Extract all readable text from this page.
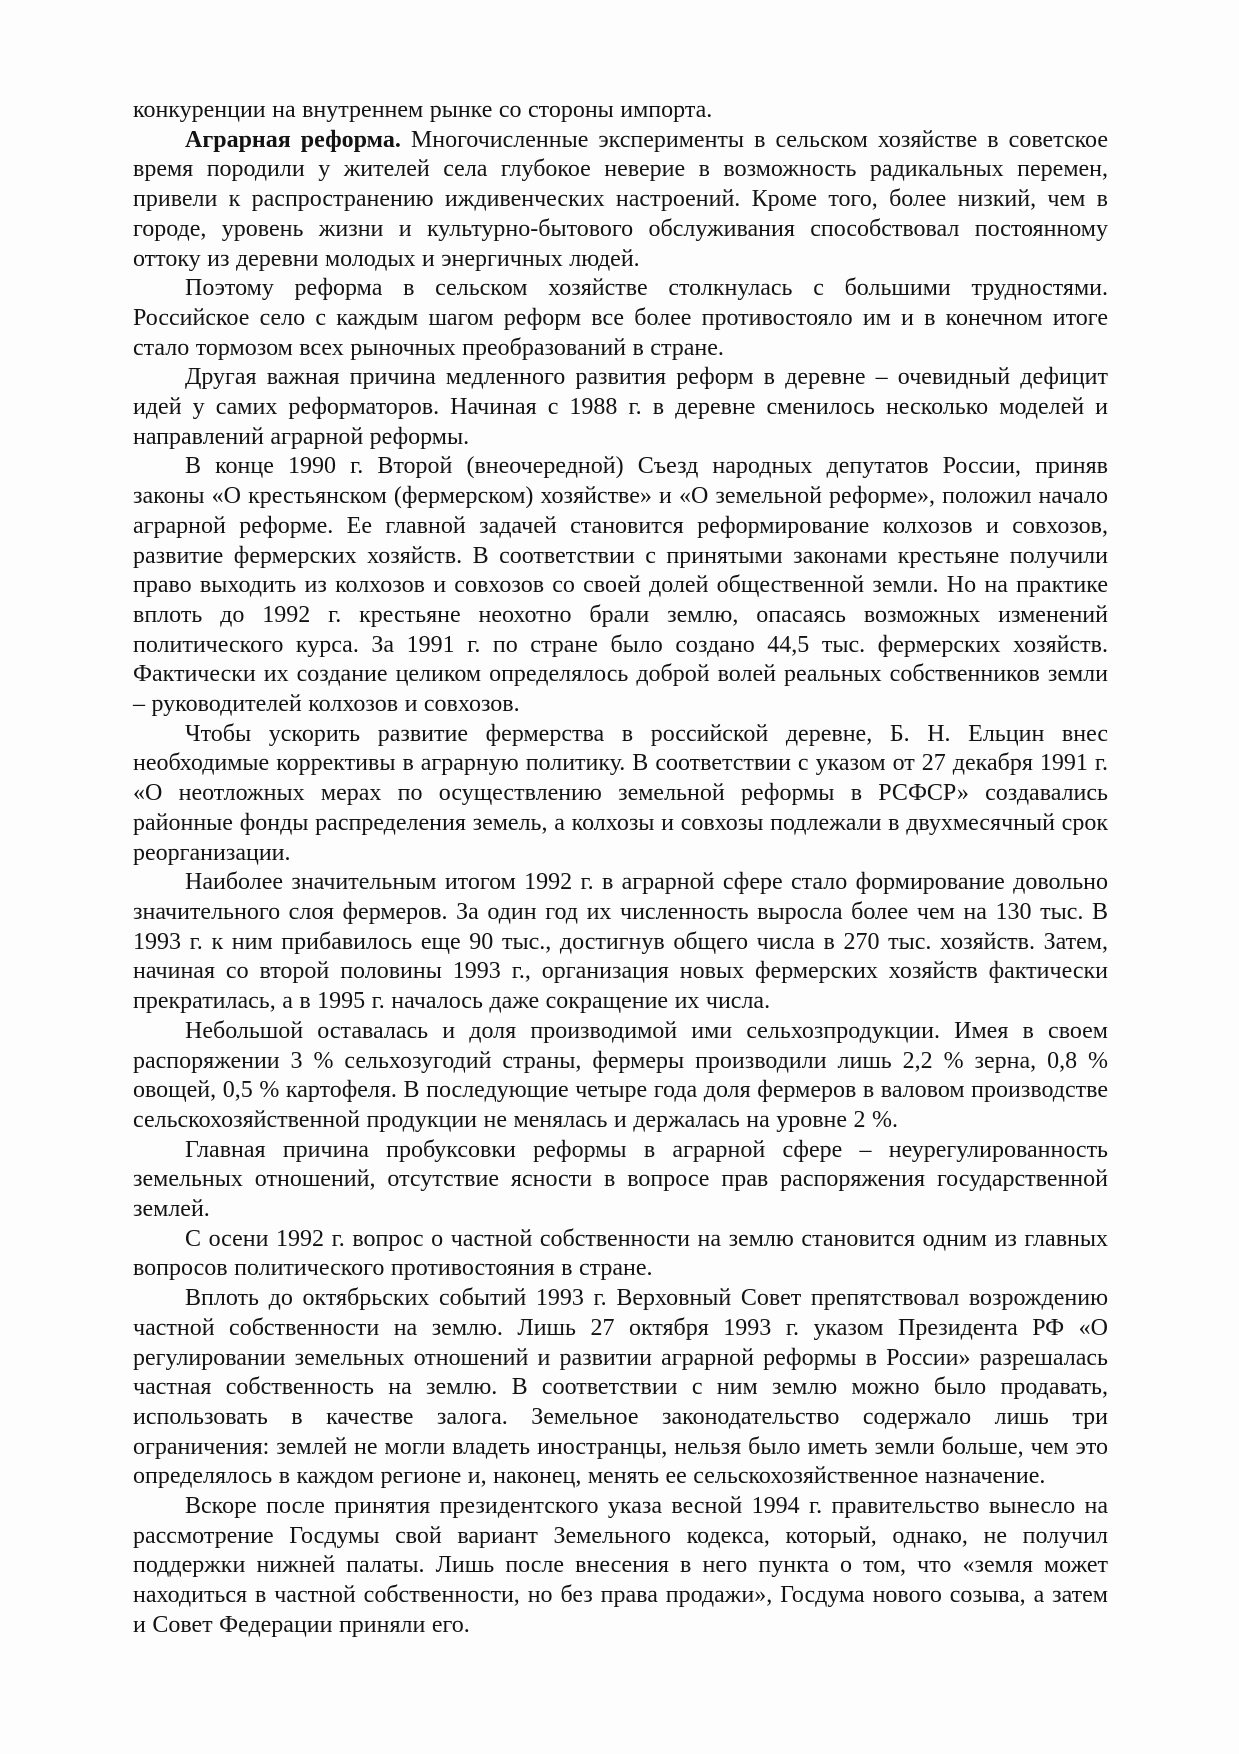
конкуренции на внутреннем рынке со стороны импорта.

Аграрная реформа. Многочисленные эксперименты в сельском хозяйстве в советское время породили у жителей села глубокое неверие в возможность радикальных перемен, привели к распространению иждивенческих настроений. Кроме того, более низкий, чем в городе, уровень жизни и культурно-бытового обслуживания способствовал постоянному оттоку из деревни молодых и энергичных людей.

Поэтому реформа в сельском хозяйстве столкнулась с большими трудностями. Российское село с каждым шагом реформ все более противостояло им и в конечном итоге стало тормозом всех рыночных преобразований в стране.

Другая важная причина медленного развития реформ в деревне – очевидный дефицит идей у самих реформаторов. Начиная с 1988 г. в деревне сменилось несколько моделей и направлений аграрной реформы.

В конце 1990 г. Второй (внеочередной) Съезд народных депутатов России, приняв законы «О крестьянском (фермерском) хозяйстве» и «О земельной реформе», положил начало аграрной реформе. Ее главной задачей становится реформирование колхозов и совхозов, развитие фермерских хозяйств. В соответствии с принятыми законами крестьяне получили право выходить из колхозов и совхозов со своей долей общественной земли. Но на практике вплоть до 1992 г. крестьяне неохотно брали землю, опасаясь возможных изменений политического курса. За 1991 г. по стране было создано 44,5 тыс. фермерских хозяйств. Фактически их создание целиком определялось доброй волей реальных собственников земли – руководителей колхозов и совхозов.

Чтобы ускорить развитие фермерства в российской деревне, Б. Н. Ельцин внес необходимые коррективы в аграрную политику. В соответствии с указом от 27 декабря 1991 г. «О неотложных мерах по осуществлению земельной реформы в РСФСР» создавались районные фонды распределения земель, а колхозы и совхозы подлежали в двухмесячный срок реорганизации.

Наиболее значительным итогом 1992 г. в аграрной сфере стало формирование довольно значительного слоя фермеров. За один год их численность выросла более чем на 130 тыс. В 1993 г. к ним прибавилось еще 90 тыс., достигнув общего числа в 270 тыс. хозяйств. Затем, начиная со второй половины 1993 г., организация новых фермерских хозяйств фактически прекратилась, а в 1995 г. началось даже сокращение их числа.

Небольшой оставалась и доля производимой ими сельхозпродукции. Имея в своем распоряжении 3 % сельхозугодий страны, фермеры производили лишь 2,2 % зерна, 0,8 % овощей, 0,5 % картофеля. В последующие четыре года доля фермеров в валовом производстве сельскохозяйственной продукции не менялась и держалась на уровне 2 %.

Главная причина пробуксовки реформы в аграрной сфере – неурегулированность земельных отношений, отсутствие ясности в вопросе прав распоряжения государственной землей.

С осени 1992 г. вопрос о частной собственности на землю становится одним из главных вопросов политического противостояния в стране.

Вплоть до октябрьских событий 1993 г. Верховный Совет препятствовал возрождению частной собственности на землю. Лишь 27 октября 1993 г. указом Президента РФ «О регулировании земельных отношений и развитии аграрной реформы в России» разрешалась частная собственность на землю. В соответствии с ним землю можно было продавать, использовать в качестве залога. Земельное законодательство содержало лишь три ограничения: землей не могли владеть иностранцы, нельзя было иметь земли больше, чем это определялось в каждом регионе и, наконец, менять ее сельскохозяйственное назначение.

Вскоре после принятия президентского указа весной 1994 г. правительство вынесло на рассмотрение Госдумы свой вариант Земельного кодекса, который, однако, не получил поддержки нижней палаты. Лишь после внесения в него пункта о том, что «земля может находиться в частной собственности, но без права продажи», Госдума нового созыва, а затем и Совет Федерации приняли его.
